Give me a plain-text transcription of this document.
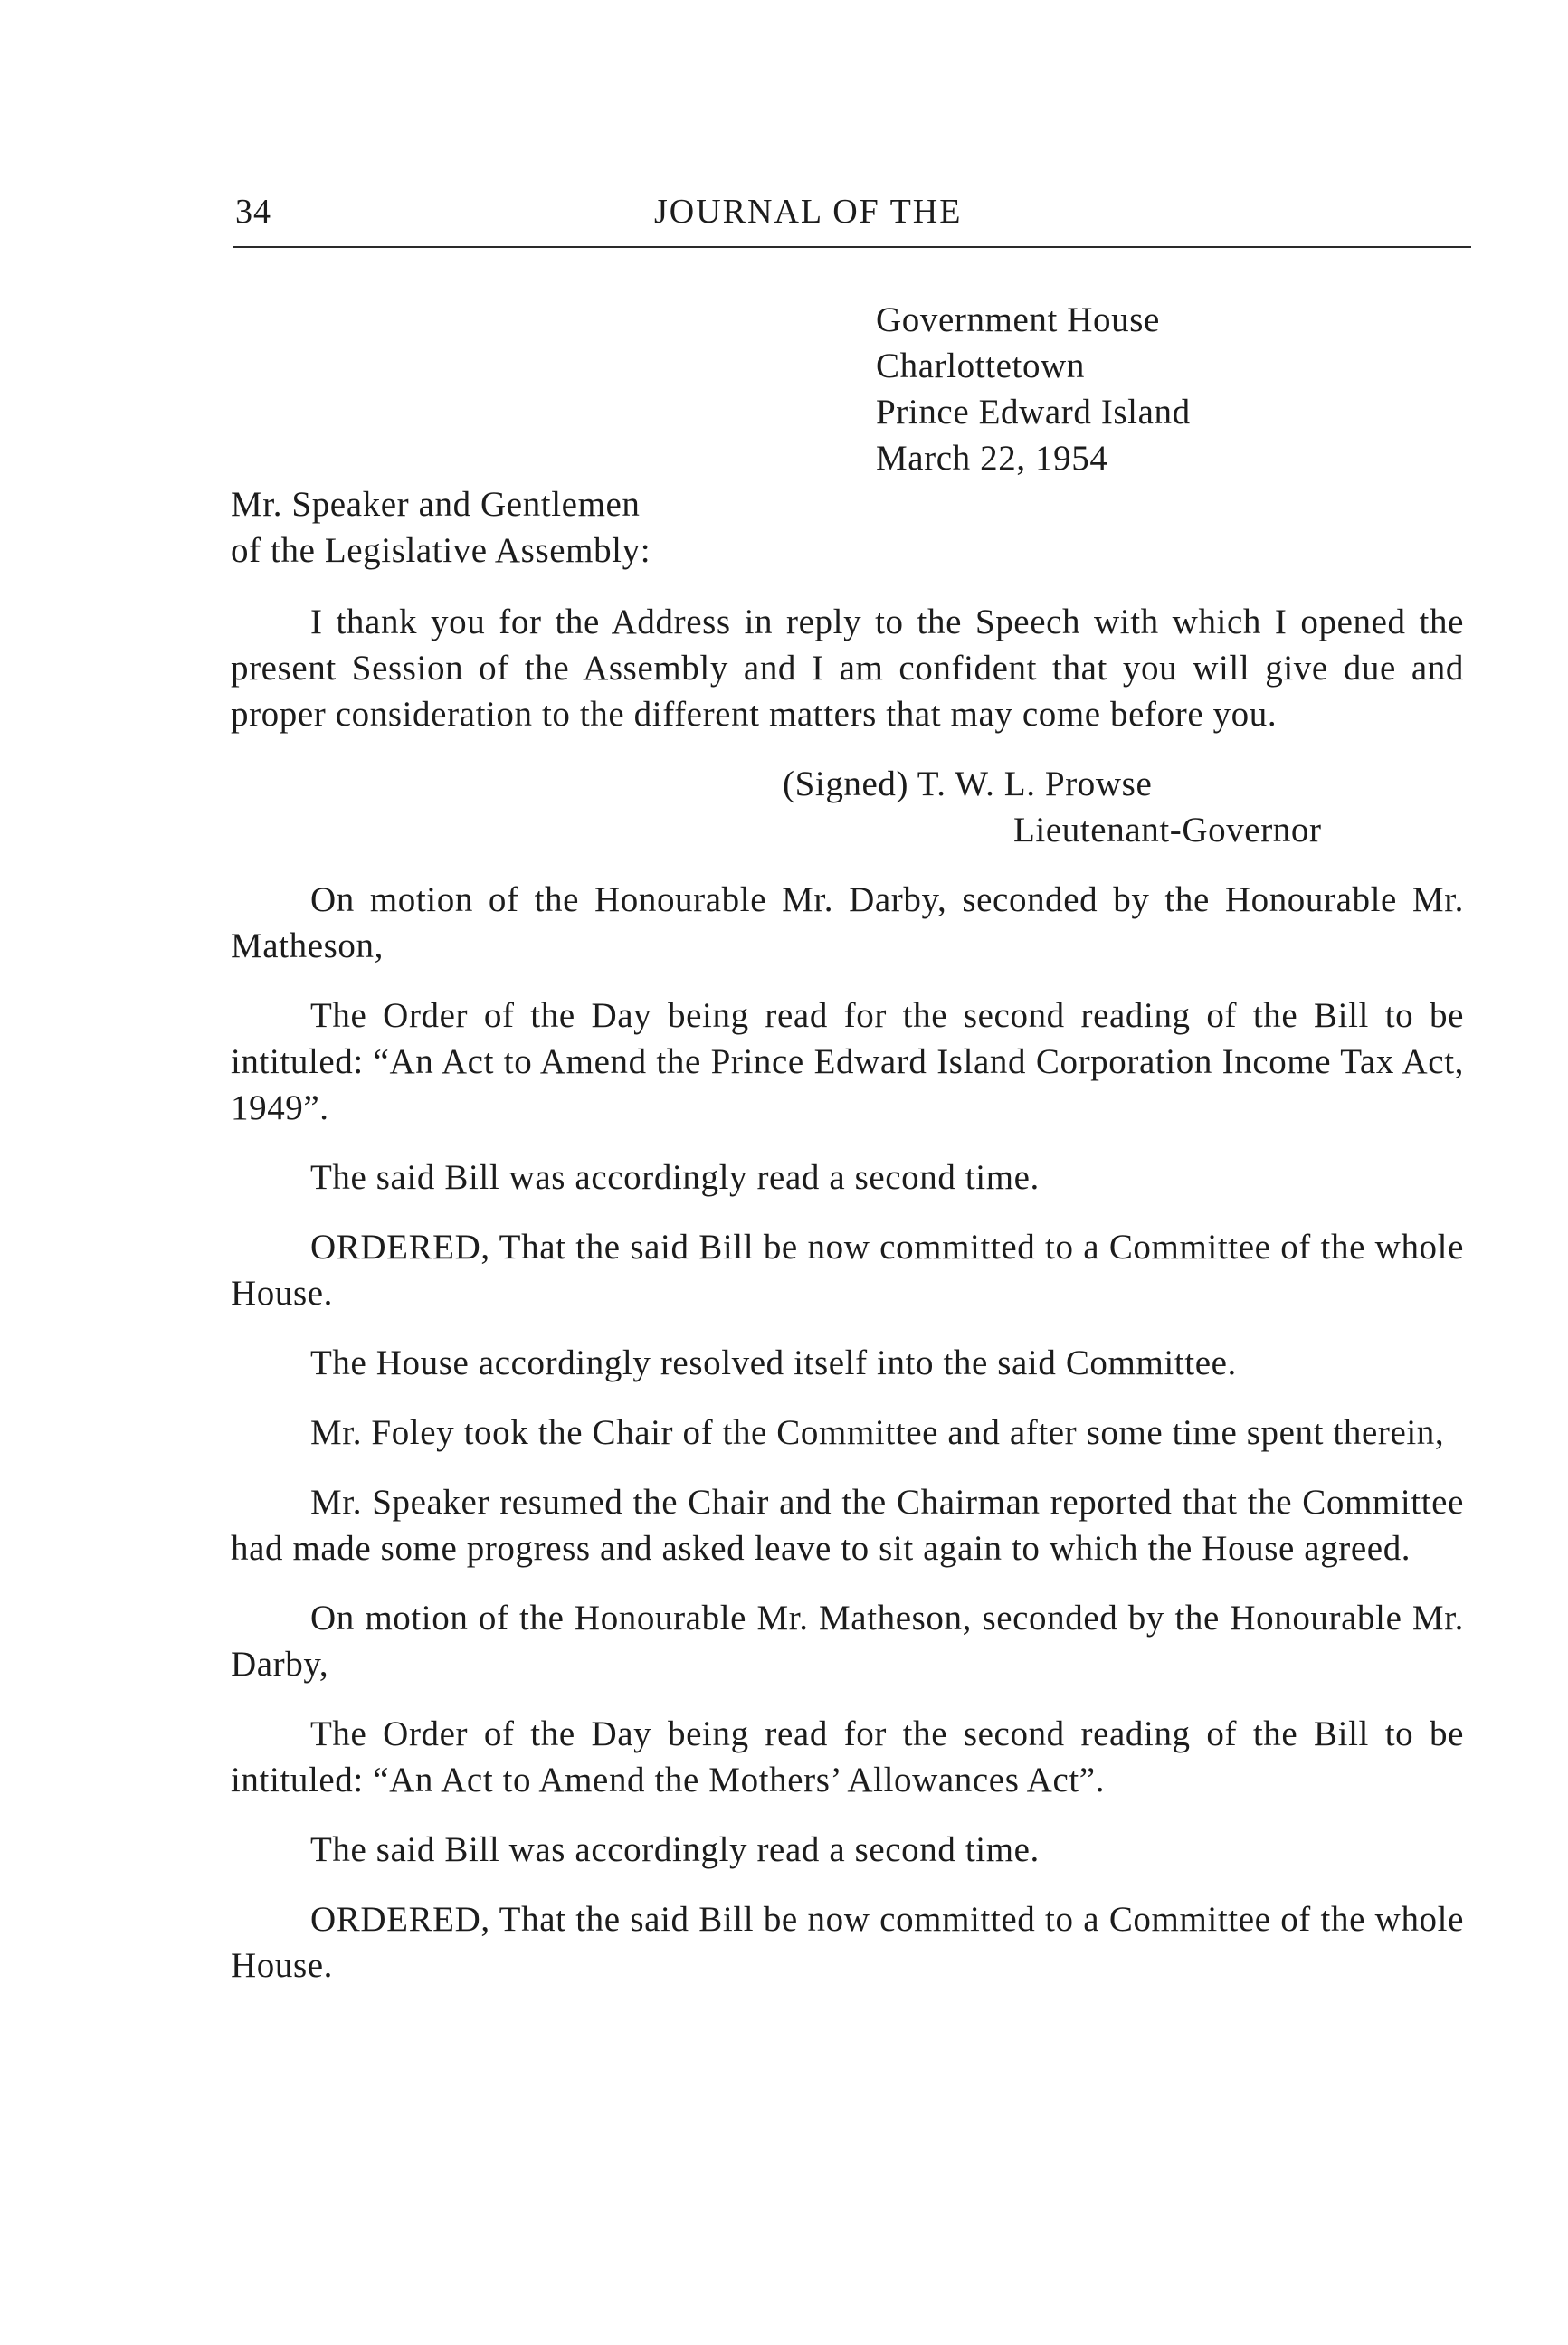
34	JOURNAL OF THE
Government House
Charlottetown
Prince Edward Island
March 22, 1954
Mr. Speaker and Gentlemen
of the Legislative Assembly:

I thank you for the Address in reply to the Speech with which I opened the present Session of the Assembly and I am confident that you will give due and proper consideration to the different matters that may come before you.

(Signed) T. W. L. Prowse
Lieutenant-Governor

On motion of the Honourable Mr. Darby, seconded by the Honourable Mr. Matheson,

The Order of the Day being read for the second reading of the Bill to be intituled: “An Act to Amend the Prince Edward Island Corporation Income Tax Act, 1949”.

The said Bill was accordingly read a second time.

ORDERED, That the said Bill be now committed to a Committee of the whole House.

The House accordingly resolved itself into the said Committee.

Mr. Foley took the Chair of the Committee and after some time spent therein,

Mr. Speaker resumed the Chair and the Chairman reported that the Committee had made some progress and asked leave to sit again to which the House agreed.

On motion of the Honourable Mr. Matheson, seconded by the Honourable Mr. Darby,

The Order of the Day being read for the second reading of the Bill to be intituled: “An Act to Amend the Mothers’ Allowances Act”.

The said Bill was accordingly read a second time.

ORDERED, That the said Bill be now committed to a Committee of the whole House.
